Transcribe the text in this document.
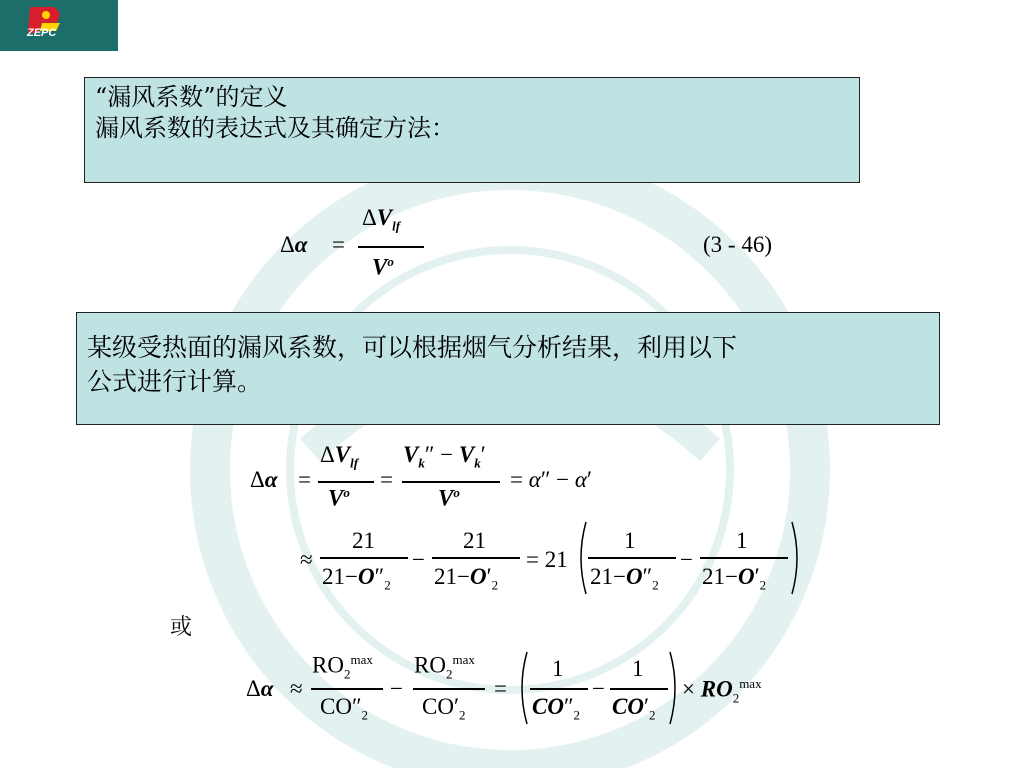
ZEPC
“漏风系数”的定义
漏风系数的表达式及其确定方法：
Δα =
$\Delta V_{lf}$
$V^o$
(3 - 46)
某级受热面的漏风系数，可以根据烟气分析结果，利用以下
公式进行计算。
Δα =
$\Delta V_{lf}$
$V^o$
=
$V_k'' - V_k'$
$V^o$
= α″ − α′
≈
21
$21-O''_2$
−
21
$21-O'_2$
= 21
1
$21-O''_2$
−
1
$21-O'_2$
或
Δα ≈
$RO_2^{max}$
$CO''_2$
−
$RO_2^{max}$
$CO'_2$
=
1
$CO''_2$
−
1
$CO'_2$
× $RO_2^{max}$
